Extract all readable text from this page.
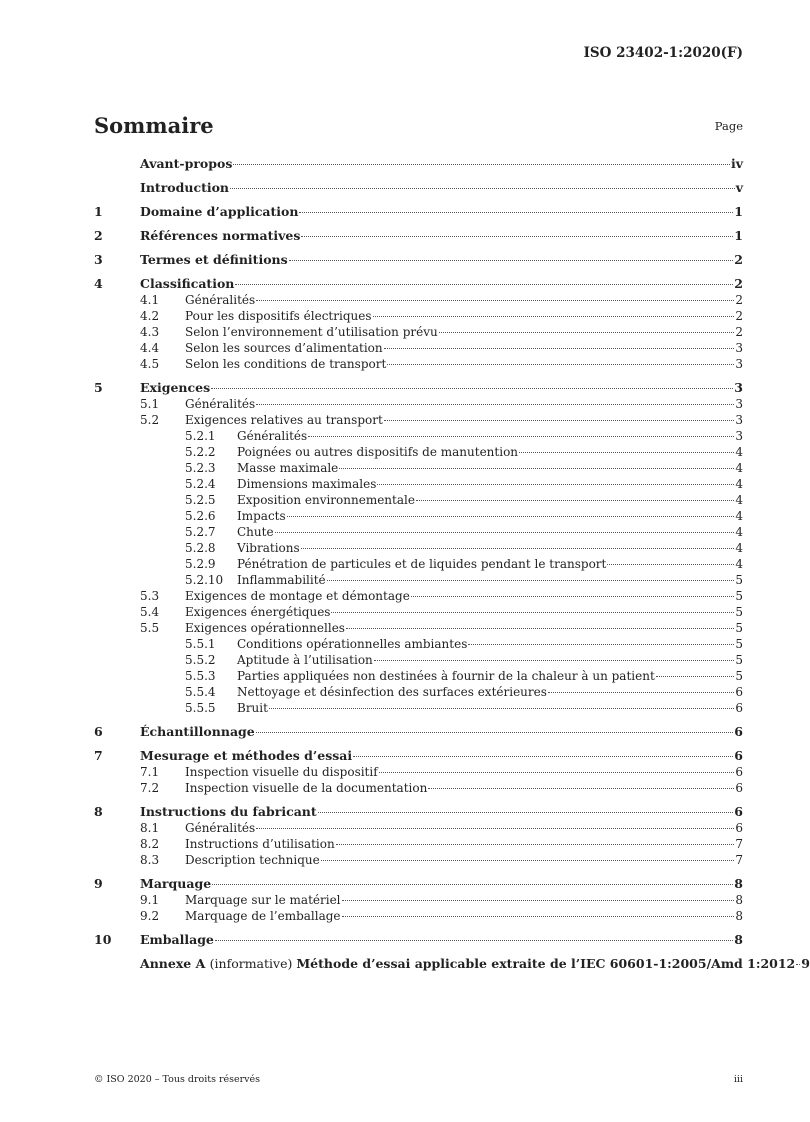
ISO 23402-1:2020(F)
Sommaire	Page
Avant-propos	iv
Introduction	v
1	Domaine d’application	1
2	Références normatives	1
3	Termes et définitions	2
4	Classification	2
4.1	Généralités	2
4.2	Pour les dispositifs électriques	2
4.3	Selon l’environnement d’utilisation prévu	2
4.4	Selon les sources d’alimentation	3
4.5	Selon les conditions de transport	3
5	Exigences	3
5.1	Généralités	3
5.2	Exigences relatives au transport	3
5.2.1	Généralités	3
5.2.2	Poignées ou autres dispositifs de manutention	4
5.2.3	Masse maximale	4
5.2.4	Dimensions maximales	4
5.2.5	Exposition environnementale	4
5.2.6	Impacts	4
5.2.7	Chute	4
5.2.8	Vibrations	4
5.2.9	Pénétration de particules et de liquides pendant le transport	4
5.2.10	Inflammabilité	5
5.3	Exigences de montage et démontage	5
5.4	Exigences énergétiques	5
5.5	Exigences opérationnelles	5
5.5.1	Conditions opérationnelles ambiantes	5
5.5.2	Aptitude à l’utilisation	5
5.5.3	Parties appliquées non destinées à fournir de la chaleur à un patient	5
5.5.4	Nettoyage et désinfection des surfaces extérieures	6
5.5.5	Bruit	6
6	Échantillonnage	6
7	Mesurage et méthodes d’essai	6
7.1	Inspection visuelle du dispositif	6
7.2	Inspection visuelle de la documentation	6
8	Instructions du fabricant	6
8.1	Généralités	6
8.2	Instructions d’utilisation	7
8.3	Description technique	7
9	Marquage	8
9.1	Marquage sur le matériel	8
9.2	Marquage de l’emballage	8
10	Emballage	8
Annexe A (informative) Méthode d’essai applicable extraite de l’IEC 60601-1:2005/Amd 1:2012 9
© ISO 2020 – Tous droits réservés	iii
